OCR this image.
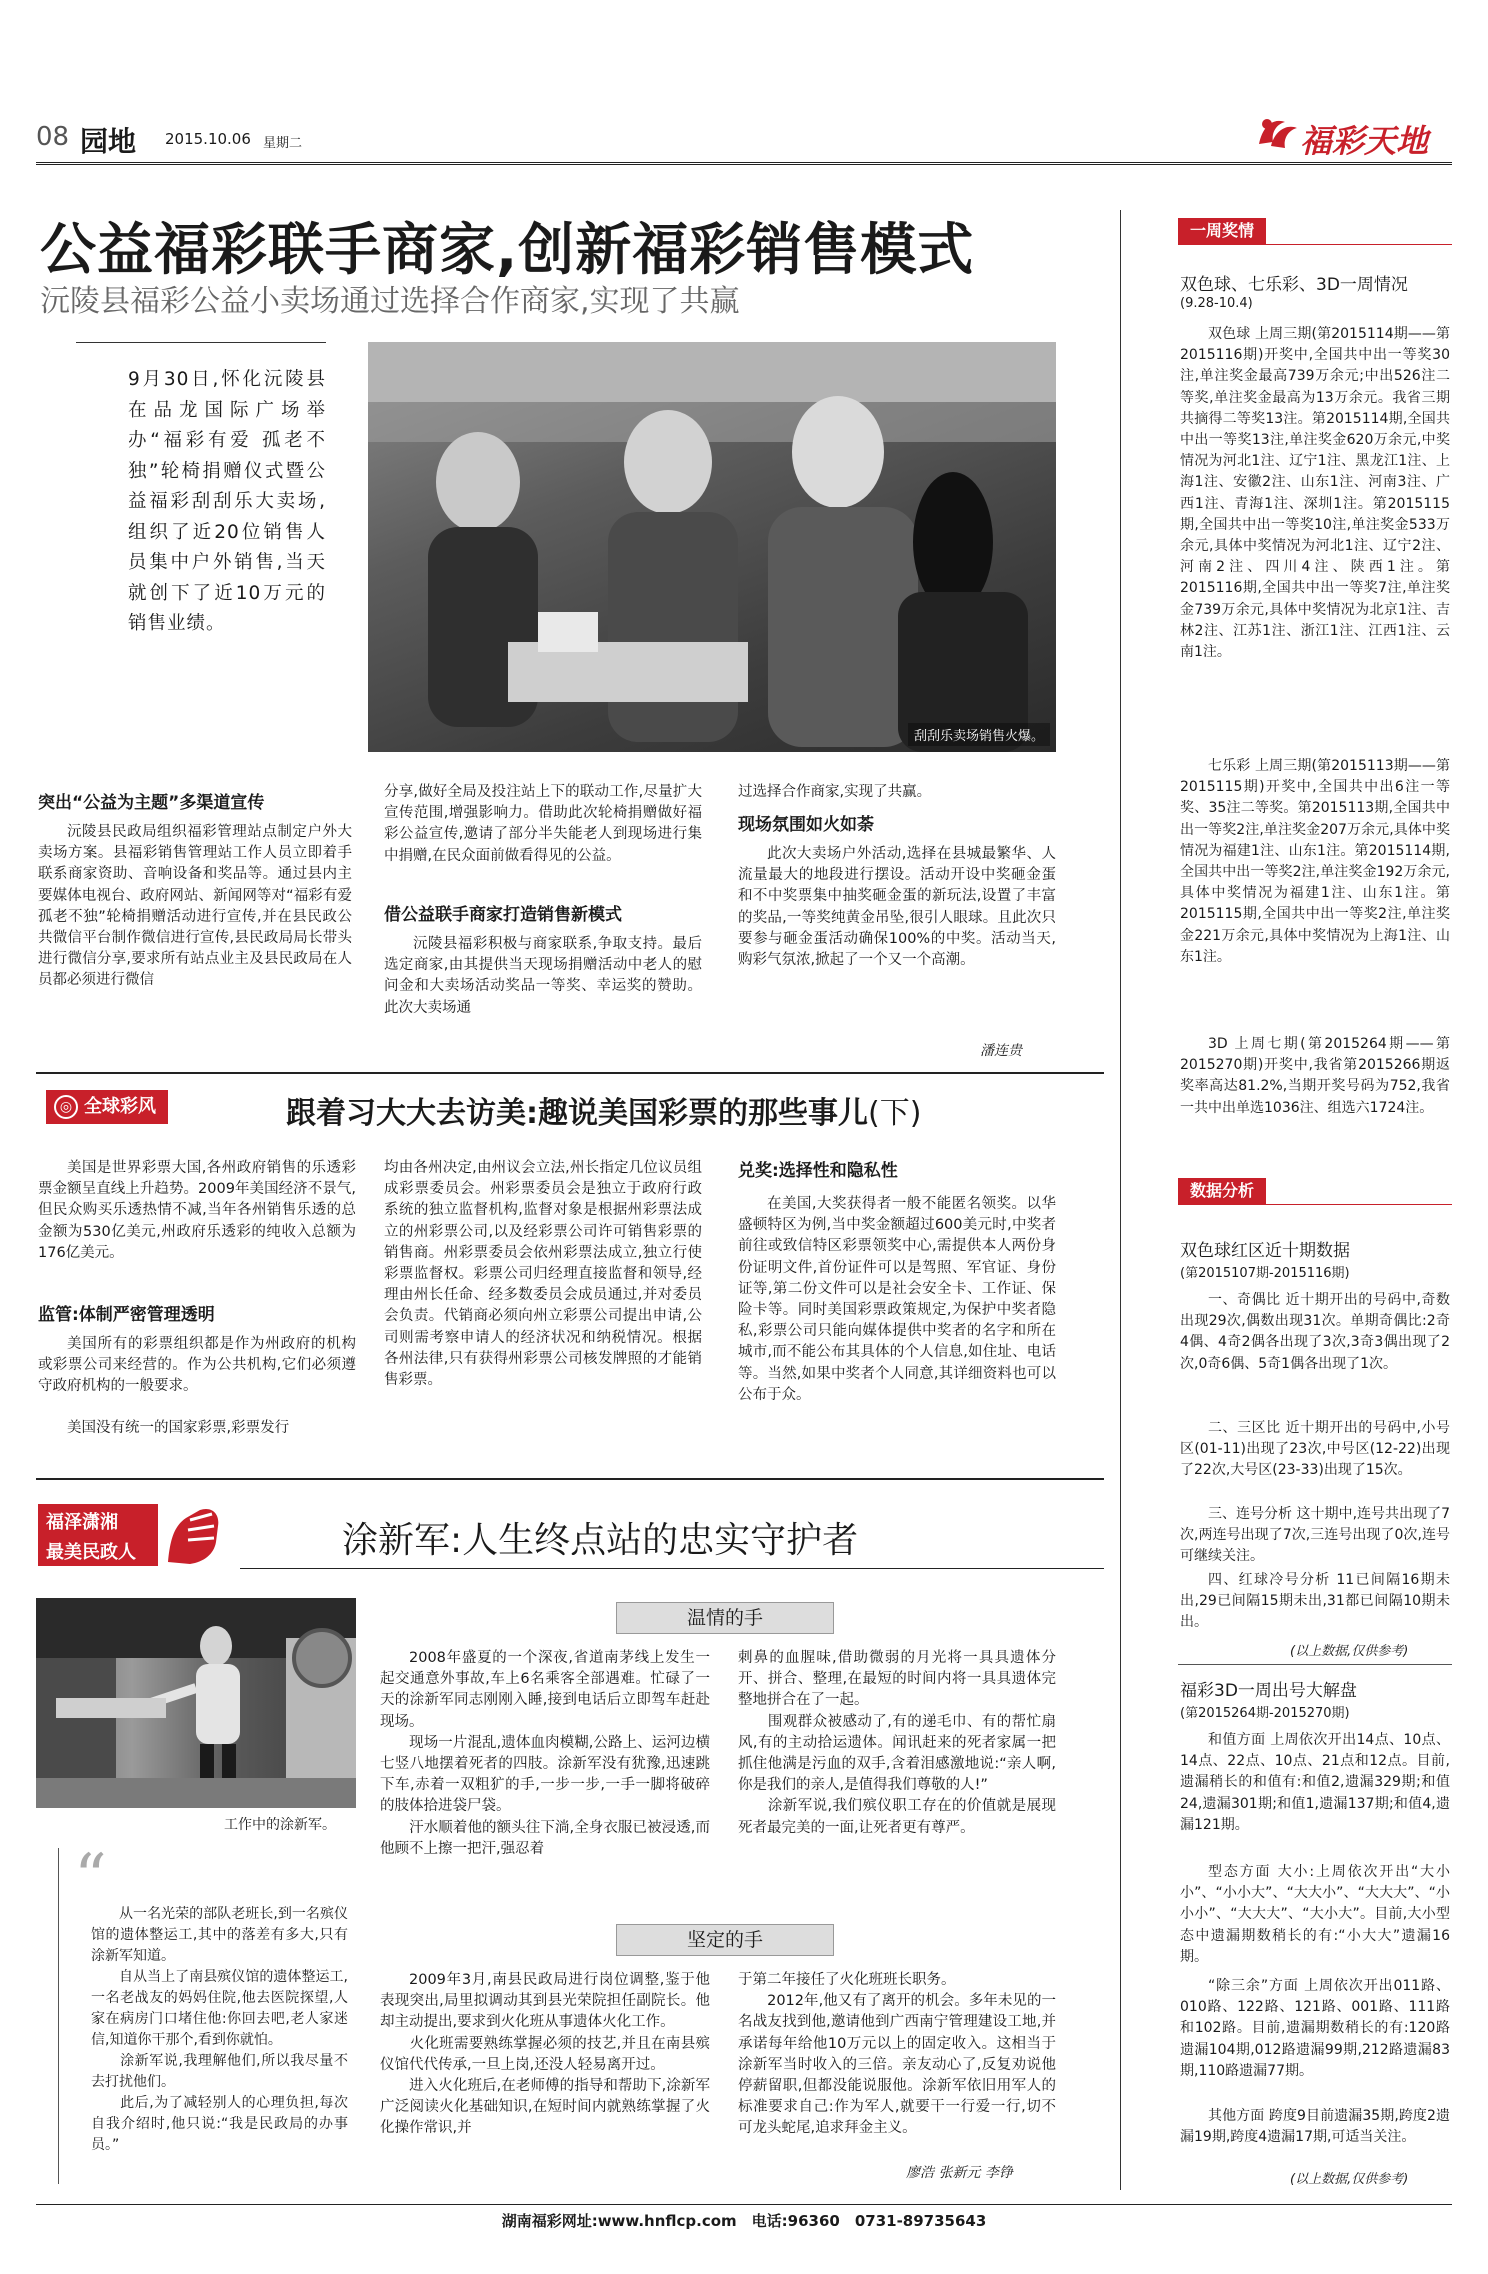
08 园地 2015.10.06 星期二	福彩天地
公益福彩联手商家,创新福彩销售模式
沅陵县福彩公益小卖场通过选择合作商家,实现了共赢
9月30日,怀化沅陵县在品龙国际广场举办“福彩有爱 孤老不独”轮椅捐赠仪式暨公益福彩刮刮乐大卖场,组织了近20位销售人员集中户外销售,当天就创下了近10万元的销售业绩。
刮刮乐卖场销售火爆。
突出“公益为主题”多渠道宣传
沅陵县民政局组织福彩管理站点制定户外大卖场方案。县福彩销售管理站工作人员立即着手联系商家资助、音响设备和奖品等。通过县内主要媒体电视台、政府网站、新闻网等对“福彩有爱 孤老不独”轮椅捐赠活动进行宣传,并在县民政公共微信平台制作微信进行宣传,县民政局局长带头进行微信分享,要求所有站点业主及县民政局在人员都必须进行微信
分享,做好全局及投注站上下的联动工作,尽量扩大宣传范围,增强影响力。借助此次轮椅捐赠做好福彩公益宣传,邀请了部分半失能老人到现场进行集中捐赠,在民众面前做看得见的公益。
借公益联手商家打造销售新模式
沅陵县福彩积极与商家联系,争取支持。最后选定商家,由其提供当天现场捐赠活动中老人的慰问金和大卖场活动奖品一等奖、幸运奖的赞助。此次大卖场通
过选择合作商家,实现了共赢。
现场氛围如火如荼
此次大卖场户外活动,选择在县城最繁华、人流量最大的地段进行摆设。活动开设中奖砸金蛋和不中奖票集中抽奖砸金蛋的新玩法,设置了丰富的奖品,一等奖纯黄金吊坠,很引人眼球。且此次只要参与砸金蛋活动确保100%的中奖。活动当天,购彩气氛浓,掀起了一个又一个高潮。
潘连贵
◎ 全球彩风	跟着习大大去访美:趣说美国彩票的那些事儿(下)
美国是世界彩票大国,各州政府销售的乐透彩票金额呈直线上升趋势。2009年美国经济不景气,但民众购买乐透热情不减,当年各州销售乐透的总金额为530亿美元,州政府乐透彩的纯收入总额为176亿美元。
监管:体制严密管理透明
美国所有的彩票组织都是作为州政府的机构或彩票公司来经营的。作为公共机构,它们必须遵守政府机构的一般要求。
美国没有统一的国家彩票,彩票发行
均由各州决定,由州议会立法,州长指定几位议员组成彩票委员会。州彩票委员会是独立于政府行政系统的独立监督机构,监督对象是根据州彩票法成立的州彩票公司,以及经彩票公司许可销售彩票的销售商。州彩票委员会依州彩票法成立,独立行使彩票监督权。彩票公司归经理直接监督和领导,经理由州长任命、经多数委员会成员通过,并对委员会负责。代销商必须向州立彩票公司提出申请,公司则需考察申请人的经济状况和纳税情况。根据各州法律,只有获得州彩票公司核发牌照的才能销售彩票。
兑奖:选择性和隐私性
在美国,大奖获得者一般不能匿名领奖。以华盛顿特区为例,当中奖金额超过600美元时,中奖者前往或致信特区彩票领奖中心,需提供本人两份身份证明文件,首份证件可以是驾照、军官证、身份证等,第二份文件可以是社会安全卡、工作证、保险卡等。同时美国彩票政策规定,为保护中奖者隐私,彩票公司只能向媒体提供中奖者的名字和所在城市,而不能公布其具体的个人信息,如住址、电话等。当然,如果中奖者个人同意,其详细资料也可以公布于众。
福泽潇湘
最美民政人	涂新军:人生终点站的忠实守护者
工作中的涂新军。
“ 从一名光荣的部队老班长,到一名殡仪馆的遗体整运工,其中的落差有多大,只有涂新军知道。
　　自从当上了南县殡仪馆的遗体整运工,一名老战友的妈妈住院,他去医院探望,人家在病房门口堵住他:你回去吧,老人家迷信,知道你干那个,看到你就怕。
　　涂新军说,我理解他们,所以我尽量不去打扰他们。
　　此后,为了减轻别人的心理负担,每次自我介绍时,他只说:“我是民政局的办事员。”
温情的手
2008年盛夏的一个深夜,省道南茅线上发生一起交通意外事故,车上6名乘客全部遇难。忙碌了一天的涂新军同志刚刚入睡,接到电话后立即驾车赶赴现场。
　　现场一片混乱,遗体血肉模糊,公路上、运河边横七竖八地摆着死者的四肢。涂新军没有犹豫,迅速跳下车,赤着一双粗犷的手,一步一步,一手一脚将破碎的肢体拾进袋尸袋。
　　汗水顺着他的额头往下淌,全身衣服已被浸透,而他顾不上擦一把汗,强忍着
刺鼻的血腥味,借助微弱的月光将一具具遗体分开、拼合、整理,在最短的时间内将一具具遗体完整地拼合在了一起。
　　围观群众被感动了,有的递毛巾、有的帮忙扇风,有的主动拾运遗体。闻讯赶来的死者家属一把抓住他满是污血的双手,含着泪感激地说:“亲人啊,你是我们的亲人,是值得我们尊敬的人!”
　　涂新军说,我们殡仪职工存在的价值就是展现死者最完美的一面,让死者更有尊严。
坚定的手
2009年3月,南县民政局进行岗位调整,鉴于他表现突出,局里拟调动其到县光荣院担任副院长。他却主动提出,要求到火化班从事遗体火化工作。
　　火化班需要熟练掌握必须的技艺,并且在南县殡仪馆代代传承,一旦上岗,还没人轻易离开过。
　　进入火化班后,在老师傅的指导和帮助下,涂新军广泛阅读火化基础知识,在短时间内就熟练掌握了火化操作常识,并
于第二年接任了火化班班长职务。
　　2012年,他又有了离开的机会。多年未见的一名战友找到他,邀请他到广西南宁管理建设工地,并承诺每年给他10万元以上的固定收入。这相当于涂新军当时收入的三倍。亲友动心了,反复劝说他停薪留职,但都没能说服他。涂新军依旧用军人的标准要求自己:作为军人,就要干一行爱一行,切不可龙头蛇尾,追求拜金主义。
廖浩 张新元 李铮
一周奖情
双色球、七乐彩、3D一周情况
(9.28-10.4)
双色球 上周三期(第2015114期——第2015116期)开奖中,全国共中出一等奖30注,单注奖金最高739万余元;中出526注二等奖,单注奖金最高为13万余元。我省三期共摘得二等奖13注。第2015114期,全国共中出一等奖13注,单注奖金620万余元,中奖情况为河北1注、辽宁1注、黑龙江1注、上海1注、安徽2注、山东1注、河南3注、广西1注、青海1注、深圳1注。第2015115期,全国共中出一等奖10注,单注奖金533万余元,具体中奖情况为河北1注、辽宁2注、河南2注、四川4注、陕西1注。第2015116期,全国共中出一等奖7注,单注奖金739万余元,具体中奖情况为北京1注、吉林2注、江苏1注、浙江1注、江西1注、云南1注。
七乐彩 上周三期(第2015113期——第2015115期)开奖中,全国共中出6注一等奖、35注二等奖。第2015113期,全国共中出一等奖2注,单注奖金207万余元,具体中奖情况为福建1注、山东1注。第2015114期,全国共中出一等奖2注,单注奖金192万余元,具体中奖情况为福建1注、山东1注。第2015115期,全国共中出一等奖2注,单注奖金221万余元,具体中奖情况为上海1注、山东1注。
3D 上周七期(第2015264期——第2015270期)开奖中,我省第2015266期返奖率高达81.2%,当期开奖号码为752,我省一共中出单选1036注、组选六1724注。
数据分析
双色球红区近十期数据
(第2015107期-2015116期)
一、奇偶比 近十期开出的号码中,奇数出现29次,偶数出现31次。单期奇偶比:2奇4偶、4奇2偶各出现了3次,3奇3偶出现了2次,0奇6偶、5奇1偶各出现了1次。
二、三区比 近十期开出的号码中,小号区(01-11)出现了23次,中号区(12-22)出现了22次,大号区(23-33)出现了15次。
三、连号分析 这十期中,连号共出现了7次,两连号出现了7次,三连号出现了0次,连号可继续关注。
四、红球冷号分析 11已间隔16期未出,29已间隔15期未出,31都已间隔10期未出。
(以上数据,仅供参考)
福彩3D一周出号大解盘
(第2015264期-2015270期)
和值方面 上周依次开出14点、10点、14点、22点、10点、21点和12点。目前,遗漏稍长的和值有:和值2,遗漏329期;和值24,遗漏301期;和值1,遗漏137期;和值4,遗漏121期。
型态方面 大小:上周依次开出“大小小”、“小小大”、“大大小”、“大大大”、“小小小”、“大大大”、“大小大”。目前,大小型态中遗漏期数稍长的有:“小大大”遗漏16期。
“除三余”方面 上周依次开出011路、010路、122路、121路、001路、111路和102路。目前,遗漏期数稍长的有:120路遗漏104期,012路遗漏99期,212路遗漏83期,110路遗漏77期。
其他方面 跨度9目前遗漏35期,跨度2遗漏19期,跨度4遗漏17期,可适当关注。
(以上数据,仅供参考)
湖南福彩网址:www.hnflcp.com　电话:96360　0731-89735643
